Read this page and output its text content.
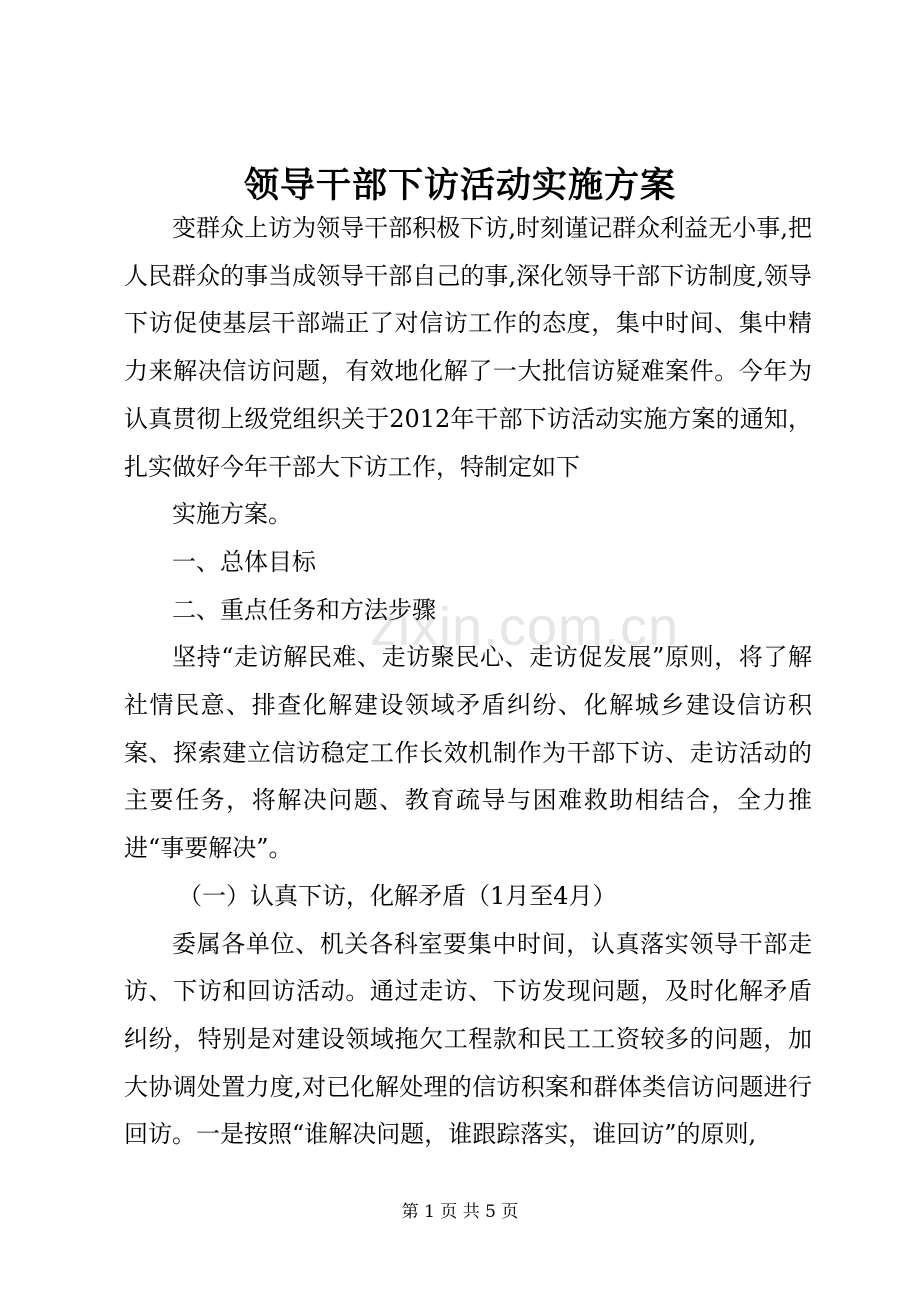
zixin.com.cn
领导干部下访活动实施方案

变群众上访为领导干部积极下访,时刻谨记群众利益无小事,把人民群众的事当成领导干部自己的事,深化领导干部下访制度,领导下访促使基层干部端正了对信访工作的态度，集中时间、集中精力来解决信访问题，有效地化解了一大批信访疑难案件。今年为认真贯彻上级党组织关于2012年干部下访活动实施方案的通知，扎实做好今年干部大下访工作，特制定如下

实施方案。

一、总体目标

二、重点任务和方法步骤

坚持“走访解民难、走访聚民心、走访促发展”原则，将了解社情民意、排查化解建设领域矛盾纠纷、化解城乡建设信访积案、探索建立信访稳定工作长效机制作为干部下访、走访活动的主要任务，将解决问题、教育疏导与困难救助相结合，全力推进“事要解决”。

（一）认真下访，化解矛盾（1月至4月）

委属各单位、机关各科室要集中时间，认真落实领导干部走访、下访和回访活动。通过走访、下访发现问题，及时化解矛盾纠纷，特别是对建设领域拖欠工程款和民工工资较多的问题，加大协调处置力度,对已化解处理的信访积案和群体类信访问题进行回访。一是按照“谁解决问题，谁跟踪落实，谁回访”的原则,

第 1 页 共 5 页
